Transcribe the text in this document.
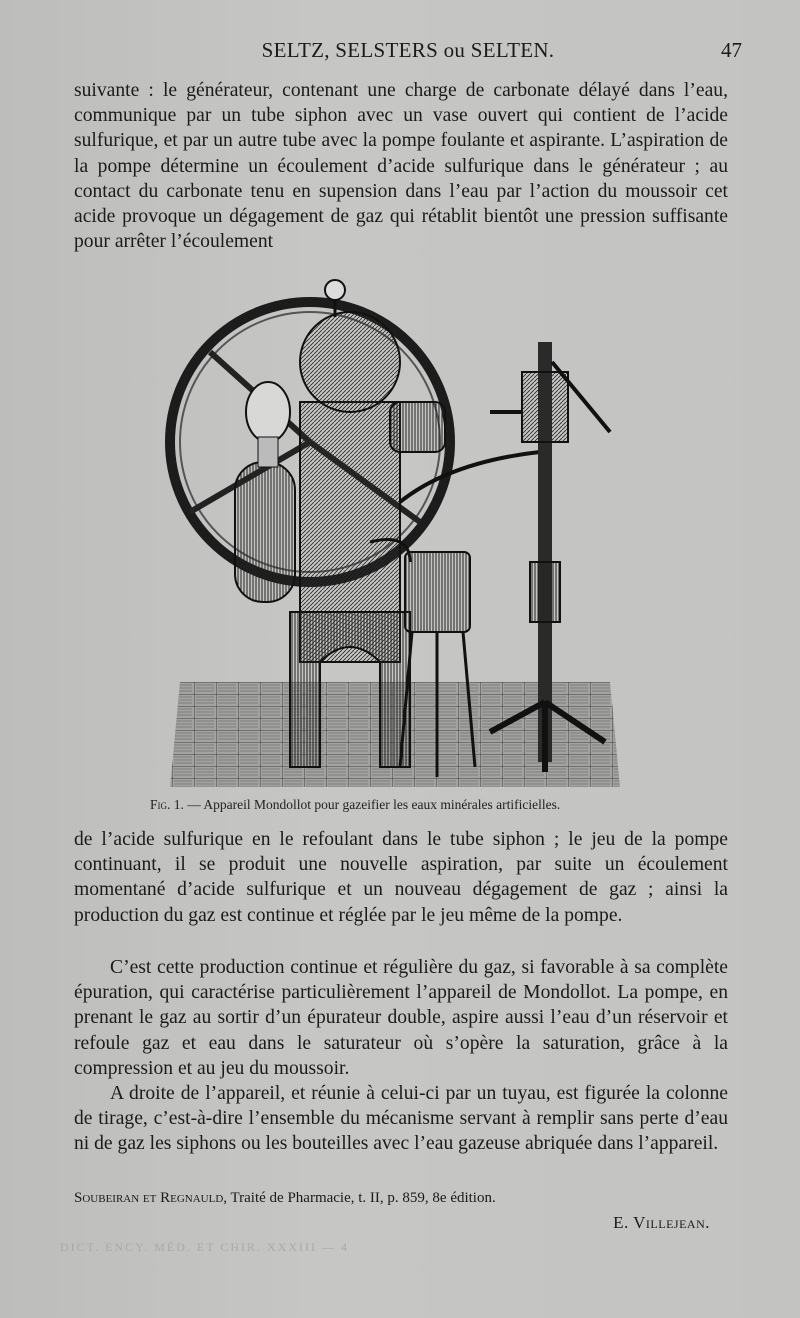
SELTZ, SELSTERS ou SELTEN.	47

suivante : le générateur, contenant une charge de carbonate délayé dans l’eau, communique par un tube siphon avec un vase ouvert qui contient de l’acide sulfurique, et par un autre tube avec la pompe foulante et aspirante. L’aspiration de la pompe détermine un écoulement d’acide sulfurique dans le générateur ; au contact du carbonate tenu en supension dans l’eau par l’action du moussoir cet acide provoque un dégagement de gaz qui rétablit bientôt une pression suffisante pour arrêter l’écoulement

Fig. 1. — Appareil Mondollot pour gazeifier les eaux minérales artificielles.

de l’acide sulfurique en le refoulant dans le tube siphon ; le jeu de la pompe continuant, il se produit une nouvelle aspiration, par suite un écoulement momentané d’acide sulfurique et un nouveau dégagement de gaz ; ainsi la production du gaz est continue et réglée par le jeu même de la pompe.

C’est cette production continue et régulière du gaz, si favorable à sa complète épuration, qui caractérise particulièrement l’appareil de Mondollot. La pompe, en prenant le gaz au sortir d’un épurateur double, aspire aussi l’eau d’un réservoir et refoule gaz et eau dans le saturateur où s’opère la saturation, grâce à la compression et au jeu du moussoir.

A droite de l’appareil, et réunie à celui-ci par un tuyau, est figurée la colonne de tirage, c’est-à-dire l’ensemble du mécanisme servant à remplir sans perte d’eau ni de gaz les siphons ou les bouteilles avec l’eau gazeuse abriquée dans l’appareil.

Soubeiran et Regnauld, Traité de Pharmacie, t. II, p. 859, 8e édition.
E. Villejean.
DICT. ENCY. MÉD. ET CHIR. XXXIII — 4
